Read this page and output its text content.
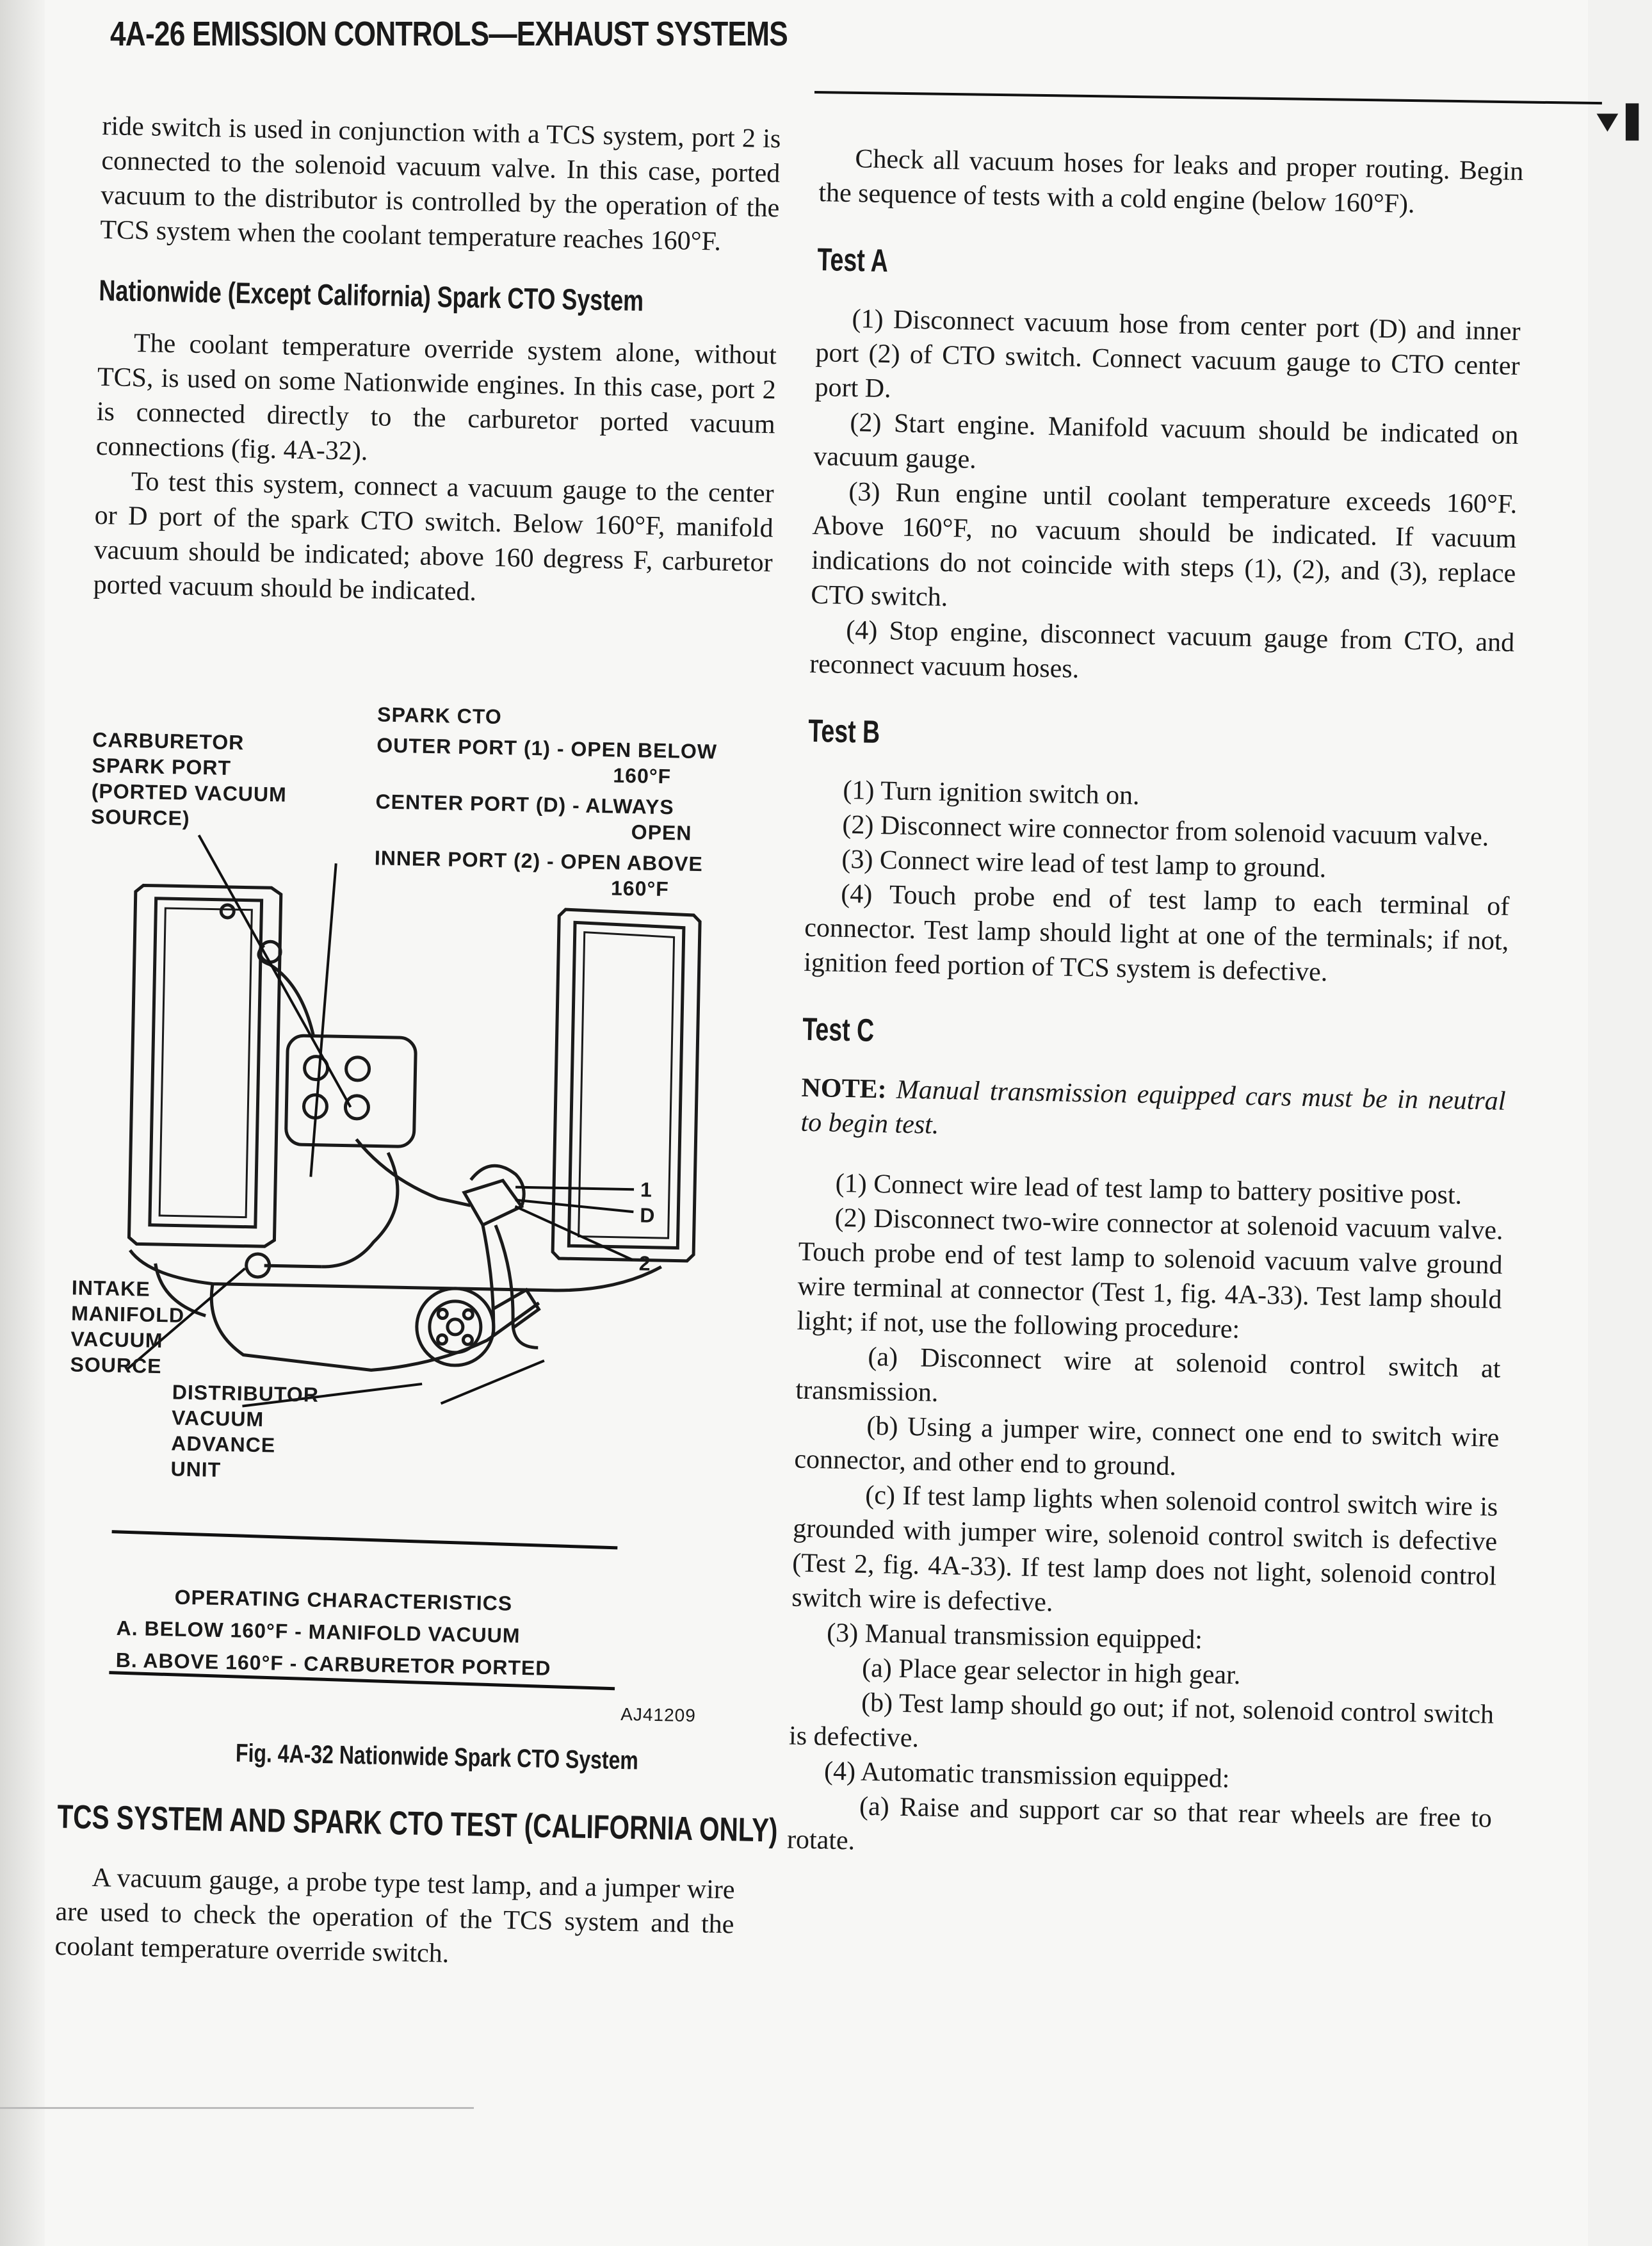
4A-26 EMISSION CONTROLS—EXHAUST SYSTEMS
▼▌

ride switch is used in conjunction with a TCS system, port 2 is connected to the solenoid vacuum valve. In this case, ported vacuum to the distributor is controlled by the operation of the TCS system when the coolant temperature reaches 160°F.

Nationwide (Except California) Spark CTO System

The coolant temperature override system alone, without TCS, is used on some Nationwide engines. In this case, port 2 is connected directly to the carburetor ported vacuum connections (fig. 4A-32).

To test this system, connect a vacuum gauge to the center or D port of the spark CTO switch. Below 160°F, manifold vacuum should be indicated; above 160 degress F, carburetor ported vacuum should be indicated.

CARBURETOR
SPARK PORT
(PORTED VACUUM
SOURCE)
SPARK CTO
OUTER PORT (1) - OPEN BELOW
160°F
CENTER PORT (D) - ALWAYS
OPEN
INNER PORT (2) - OPEN ABOVE
160°F
1
D
2
INTAKE
MANIFOLD
VACUUM
SOURCE
DISTRIBUTOR
VACUUM
ADVANCE
UNIT
OPERATING CHARACTERISTICS
A. BELOW 160°F - MANIFOLD VACUUM
B. ABOVE 160°F - CARBURETOR PORTED
AJ41209
Fig. 4A-32 Nationwide Spark CTO System
TCS SYSTEM AND SPARK CTO TEST (CALIFORNIA ONLY)

A vacuum gauge, a probe type test lamp, and a jumper wire are used to check the operation of the TCS system and the coolant temperature override switch.

Check all vacuum hoses for leaks and proper routing. Begin the sequence of tests with a cold engine (below 160°F).

Test A

(1) Disconnect vacuum hose from center port (D) and inner port (2) of CTO switch. Connect vacuum gauge to CTO center port D.

(2) Start engine. Manifold vacuum should be indicated on vacuum gauge.

(3) Run engine until coolant temperature exceeds 160°F. Above 160°F, no vacuum should be indicated. If vacuum indications do not coincide with steps (1), (2), and (3), replace CTO switch.

(4) Stop engine, disconnect vacuum gauge from CTO, and reconnect vacuum hoses.

Test B

(1) Turn ignition switch on.

(2) Disconnect wire connector from solenoid vacuum valve.

(3) Connect wire lead of test lamp to ground.

(4) Touch probe end of test lamp to each terminal of connector. Test lamp should light at one of the terminals; if not, ignition feed portion of TCS system is defective.

Test C

NOTE: Manual transmission equipped cars must be in neutral to begin test.

(1) Connect wire lead of test lamp to battery positive post.

(2) Disconnect two-wire connector at solenoid vacuum valve. Touch probe end of test lamp to solenoid vacuum valve ground wire terminal at connector (Test 1, fig. 4A-33). Test lamp should light; if not, use the following procedure:

(a) Disconnect wire at solenoid control switch at transmission.

(b) Using a jumper wire, connect one end to switch wire connector, and other end to ground.

(c) If test lamp lights when solenoid control switch wire is grounded with jumper wire, solenoid control switch is defective (Test 2, fig. 4A-33). If test lamp does not light, solenoid control switch wire is defective.

(3) Manual transmission equipped:

(a) Place gear selector in high gear.

(b) Test lamp should go out; if not, solenoid control switch is defective.

(4) Automatic transmission equipped:

(a) Raise and support car so that rear wheels are free to rotate.
